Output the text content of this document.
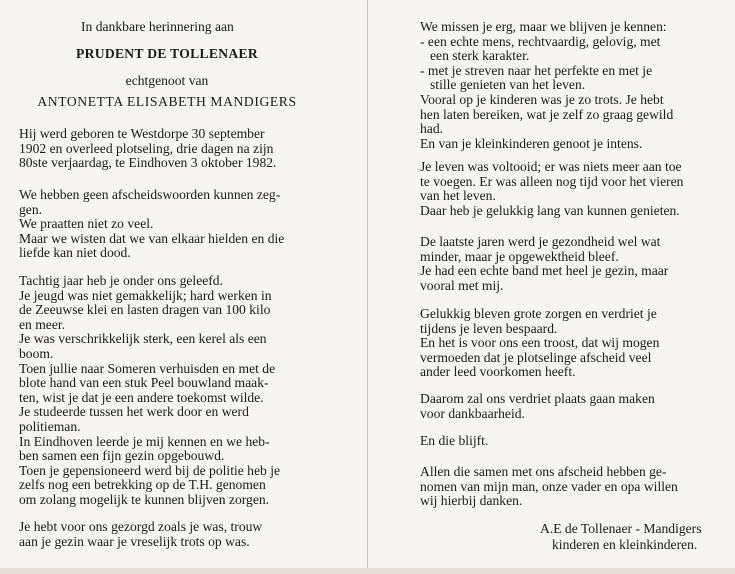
In dankbare herinnering aan
PRUDENT DE TOLLENAER
echtgenoot van
ANTONETTA ELISABETH MANDIGERS
Hij werd geboren te Westdorpe 30 september
1902 en overleed plotseling, drie dagen na zijn
80ste verjaardag, te Eindhoven 3 oktober 1982.
We hebben geen afscheidswoorden kunnen zeg-
gen.
We praatten niet zo veel.
Maar we wisten dat we van elkaar hielden en die
liefde kan niet dood.
Tachtig jaar heb je onder ons geleefd.
Je jeugd was niet gemakkelijk; hard werken in
de Zeeuwse klei en lasten dragen van 100 kilo
en meer.
Je was verschrikkelijk sterk, een kerel als een
boom.
Toen jullie naar Someren verhuisden en met de
blote hand van een stuk Peel bouwland maak-
ten, wist je dat je een andere toekomst wilde.
Je studeerde tussen het werk door en werd
politieman.
In Eindhoven leerde je mij kennen en we heb-
ben samen een fijn gezin opgebouwd.
Toen je gepensioneerd werd bij de politie heb je
zelfs nog een betrekking op de T.H. genomen
om zolang mogelijk te kunnen blijven zorgen.
Je hebt voor ons gezorgd zoals je was, trouw
aan je gezin waar je vreselijk trots op was.
We missen je erg, maar we blijven je kennen:
- een echte mens, rechtvaardig, gelovig, met
een sterk karakter.
- met je streven naar het perfekte en met je
stille genieten van het leven.
Vooral op je kinderen was je zo trots. Je hebt
hen laten bereiken, wat je zelf zo graag gewild
had.
En van je kleinkinderen genoot je intens.
Je leven was voltooid; er was niets meer aan toe
te voegen. Er was alleen nog tijd voor het vieren
van het leven.
Daar heb je gelukkig lang van kunnen genieten.
De laatste jaren werd je gezondheid wel wat
minder, maar je opgewektheid bleef.
Je had een echte band met heel je gezin, maar
vooral met mij.
Gelukkig bleven grote zorgen en verdriet je
tijdens je leven bespaard.
En het is voor ons een troost, dat wij mogen
vermoeden dat je plotselinge afscheid veel
ander leed voorkomen heeft.
Daarom zal ons verdriet plaats gaan maken
voor dankbaarheid.
En die blijft.
Allen die samen met ons afscheid hebben ge-
nomen van mijn man, onze vader en opa willen
wij hierbij danken.
A.E de Tollenaer - Mandigers
kinderen en kleinkinderen.
